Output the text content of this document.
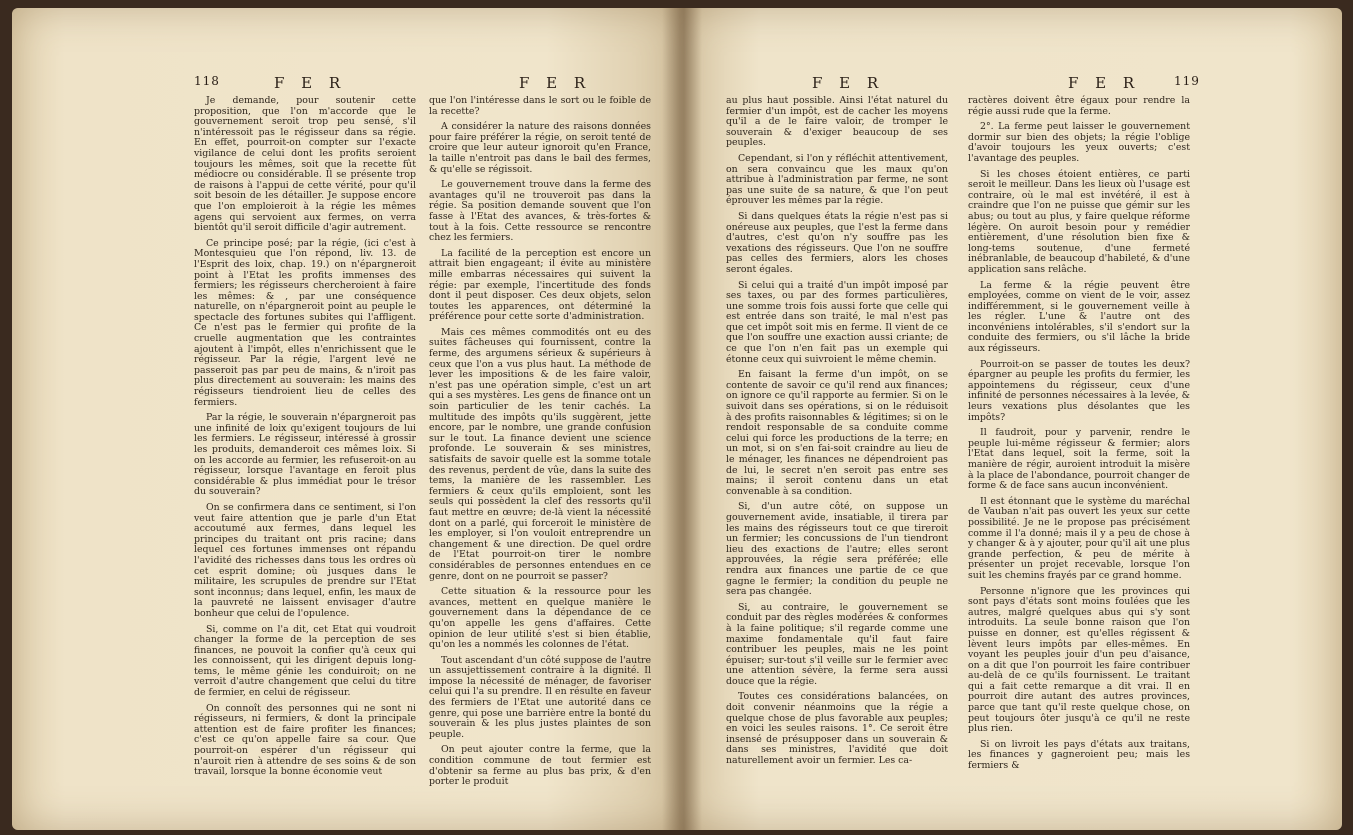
118	F E R	F E R

Je demande, pour soutenir cette proposition, que l'on m'accorde que le gouvernement seroit trop peu sensé, s'il n'intéressoit pas le régisseur dans sa régie. En effet, pourroit-on compter sur l'exacte vigilance de celui dont les profits seroient toujours les mêmes, soit que la recette fût médiocre ou considérable. Il se présente trop de raisons à l'appui de cette vérité, pour qu'il soit besoin de les détailler. Je suppose encore que l'on emploieroit à la régie les mêmes agens qui servoient aux fermes, on verra bientôt qu'il seroit difficile d'agir autrement.

Ce principe posé; par la régie, (ici c'est à Montesquieu que l'on répond, liv. 13. de l'Esprit des loix, chap. 19.) on n'épargneroit point à l'Etat les profits immenses des fermiers; les régisseurs chercheroient à faire les mêmes: & , par une conséquence naturelle, on n'épargneroit point au peuple le spectacle des fortunes subites qui l'affligent. Ce n'est pas le fermier qui profite de la cruelle augmentation que les contraintes ajoutent à l'impôt, elles n'enrichissent que le régisseur. Par la régie, l'argent levé ne passeroit pas par peu de mains, & n'iroit pas plus directement au souverain: les mains des régisseurs tiendroient lieu de celles des fermiers.

Par la régie, le souverain n'épargneroit pas une infinité de loix qu'exigent toujours de lui les fermiers. Le régisseur, intéressé à grossir les produits, demanderoit ces mêmes loix. Si on les accorde au fermier, les refuseroit-on au régisseur, lorsque l'avantage en feroit plus considérable & plus immédiat pour le trésor du souverain?

On se confirmera dans ce sentiment, si l'on veut faire attention que je parle d'un Etat accoutumé aux fermes, dans lequel les principes du traitant ont pris racine; dans lequel ces fortunes immenses ont répandu l'avidité des richesses dans tous les ordres où cet esprit domine; où jusques dans le militaire, les scrupules de prendre sur l'Etat sont inconnus; dans lequel, enfin, les maux de la pauvreté ne laissent envisager d'autre bonheur que celui de l'opulence.

Si, comme on l'a dit, cet Etat qui voudroit changer la forme de la perception de ses finances, ne pouvoit la confier qu'à ceux qui les connoissent, qui les dirigent depuis long-tems, le même génie les conduiroit; on ne verroit d'autre changement que celui du titre de fermier, en celui de régisseur.

On connoît des personnes qui ne sont ni régisseurs, ni fermiers, & dont la principale attention est de faire profiter les finances; c'est ce qu'on appelle faire sa cour. Que pourroit-on espérer d'un régisseur qui n'auroit rien à attendre de ses soins & de son travail, lorsque la bonne économie veut

que l'on l'intéresse dans le sort ou le foible de la recette?

A considérer la nature des raisons données pour faire préférer la régie, on seroit tenté de croire que leur auteur ignoroit qu'en France, la taille n'entroit pas dans le bail des fermes, & qu'elle se régissoit.

Le gouvernement trouve dans la ferme des avantages qu'il ne trouveroit pas dans la régie. Sa position demande souvent que l'on fasse à l'Etat des avances, & très-fortes & tout à la fois. Cette ressource se rencontre chez les fermiers.

La facilité de la perception est encore un attrait bien engageant; il évite au ministère mille embarras nécessaires qui suivent la régie: par exemple, l'incertitude des fonds dont il peut disposer. Ces deux objets, selon toutes les apparences, ont déterminé la préférence pour cette sorte d'administration.

Mais ces mêmes commodités ont eu des suites fâcheuses qui fournissent, contre la ferme, des argumens sérieux & supérieurs à ceux que l'on a vus plus haut. La méthode de lever les impositions & de les faire valoir, n'est pas une opération simple, c'est un art qui a ses mystères. Les gens de finance ont un soin particulier de les tenir cachés. La multitude des impôts qu'ils suggèrent, jette encore, par le nombre, une grande confusion sur le tout. La finance devient une science profonde. Le souverain & ses ministres, satisfaits de savoir quelle est la somme totale des revenus, perdent de vûe, dans la suite des tems, la manière de les rassembler. Les fermiers & ceux qu'ils emploient, sont les seuls qui possèdent la clef des ressorts qu'il faut mettre en œuvre; de-là vient la nécessité dont on a parlé, qui forceroit le ministère de les employer, si l'on vouloit entreprendre un changement & une direction. De quel ordre de l'Etat pourroit-on tirer le nombre considérables de personnes entendues en ce genre, dont on ne pourroit se passer?

Cette situation & la ressource pour les avances, mettent en quelque manière le gouvernement dans la dépendance de ce qu'on appelle les gens d'affaires. Cette opinion de leur utilité s'est si bien établie, qu'on les a nommés les colonnes de l'état.

Tout ascendant d'un côté suppose de l'autre un assujettissement contraire à la dignité. Il impose la nécessité de ménager, de favoriser celui qui l'a su prendre. Il en résulte en faveur des fermiers de l'Etat une autorité dans ce genre, qui pose une barrière entre la bonté du souverain & les plus justes plaintes de son peuple.

On peut ajouter contre la ferme, que la condition commune de tout fermier est d'obtenir sa ferme au plus bas prix, & d'en porter le produit

F E R	F E R	119

au plus haut possible. Ainsi l'état naturel du fermier d'un impôt, est de cacher les moyens qu'il a de le faire valoir, de tromper le souverain & d'exiger beaucoup de ses peuples.

Cependant, si l'on y réfléchit attentivement, on sera convaincu que les maux qu'on attribue à l'administration par ferme, ne sont pas une suite de sa nature, & que l'on peut éprouver les mêmes par la régie.

Si dans quelques états la régie n'est pas si onéreuse aux peuples, que l'est la ferme dans d'autres, c'est qu'on n'y souffre pas les vexations des régisseurs. Que l'on ne souffre pas celles des fermiers, alors les choses seront égales.

Si celui qui a traité d'un impôt imposé par ses taxes, ou par des formes particulières, une somme trois fois aussi forte que celle qui est entrée dans son traité, le mal n'est pas que cet impôt soit mis en ferme. Il vient de ce que l'on souffre une exaction aussi criante; de ce que l'on n'en fait pas un exemple qui étonne ceux qui suivroient le même chemin.

En faisant la ferme d'un impôt, on se contente de savoir ce qu'il rend aux finances; on ignore ce qu'il rapporte au fermier. Si on le suivoit dans ses opérations, si on le réduisoit à des profits raisonnables & légitimes; si on le rendoit responsable de sa conduite comme celui qui force les productions de la terre; en un mot, si on s'en fai-soit craindre au lieu de le ménager, les finances ne dépendroient pas de lui, le secret n'en seroit pas entre ses mains; il seroit contenu dans un etat convenable à sa condition.

Si, d'un autre côté, on suppose un gouvernement avide, insatiable, il tirera par les mains des régisseurs tout ce que tireroit un fermier; les concussions de l'un tiendront lieu des exactions de l'autre; elles seront approuvées, la régie sera préférée; elle rendra aux finances une partie de ce que gagne le fermier; la condition du peuple ne sera pas changée.

Si, au contraire, le gouvernement se conduit par des règles modérées & conformes à la faine politique; s'il regarde comme une maxime fondamentale qu'il faut faire contribuer les peuples, mais ne les point épuiser; sur-tout s'il veille sur le fermier avec une attention sévère, la ferme sera aussi douce que la régie.

Toutes ces considérations balancées, on doit convenir néanmoins que la régie a quelque chose de plus favorable aux peuples; en voici les seules raisons. 1°. Ce seroit être insensé de présupposer dans un souverain & dans ses ministres, l'avidité que doit naturellement avoir un fermier. Les ca-

ractères doivent être égaux pour rendre la régie aussi rude que la ferme.

2°. La ferme peut laisser le gouvernement dormir sur bien des objets; la régie l'oblige d'avoir toujours les yeux ouverts; c'est l'avantage des peuples.

Si les choses étoient entières, ce parti seroit le meilleur. Dans les lieux où l'usage est contraire, où le mal est invétéré, il est à craindre que l'on ne puisse que gémir sur les abus; ou tout au plus, y faire quelque réforme légère. On auroit besoin pour y remédier entièrement, d'une résolution bien fixe & long-tems soutenue, d'une fermeté inébranlable, de beaucoup d'habileté, & d'une application sans relâche.

La ferme & la régie peuvent être employées, comme on vient de le voir, assez indifféremment, si le gouvernement veille à les régler. L'une & l'autre ont des inconvéniens intolérables, s'il s'endort sur la conduite des fermiers, ou s'il lâche la bride aux régisseurs.

Pourroit-on se passer de toutes les deux? épargner au peuple les profits du fermier, les appointemens du régisseur, ceux d'une infinité de personnes nécessaires à la levée, & leurs vexations plus désolantes que les impôts?

Il faudroit, pour y parvenir, rendre le peuple lui-même régisseur & fermier; alors l'Etat dans lequel, soit la ferme, soit la manière de régir, auroient introduit la misère à la place de l'abondance, pourroit changer de forme & de face sans aucun inconvénient.

Il est étonnant que le système du maréchal de Vauban n'ait pas ouvert les yeux sur cette possibilité. Je ne le propose pas précisément comme il l'a donné; mais il y a peu de chose à y changer & à y ajouter, pour qu'il ait une plus grande perfection, & peu de mérite à présenter un projet recevable, lorsque l'on suit les chemins frayés par ce grand homme.

Personne n'ignore que les provinces qui sont pays d'états sont moins foulées que les autres, malgré quelques abus qui s'y sont introduits. La seule bonne raison que l'on puisse en donner, est qu'elles régissent & lèvent leurs impôts par elles-mêmes. En voyant les peuples jouir d'un peu d'aisance, on a dit que l'on pourroit les faire contribuer au-delà de ce qu'ils fournissent. Le traitant qui a fait cette remarque a dit vrai. Il en pourroit dire autant des autres provinces, parce que tant qu'il reste quelque chose, on peut toujours ôter jusqu'à ce qu'il ne reste plus rien.

Si on livroit les pays d'états aux traitans, les finances y gagneroient peu; mais les fermiers &
